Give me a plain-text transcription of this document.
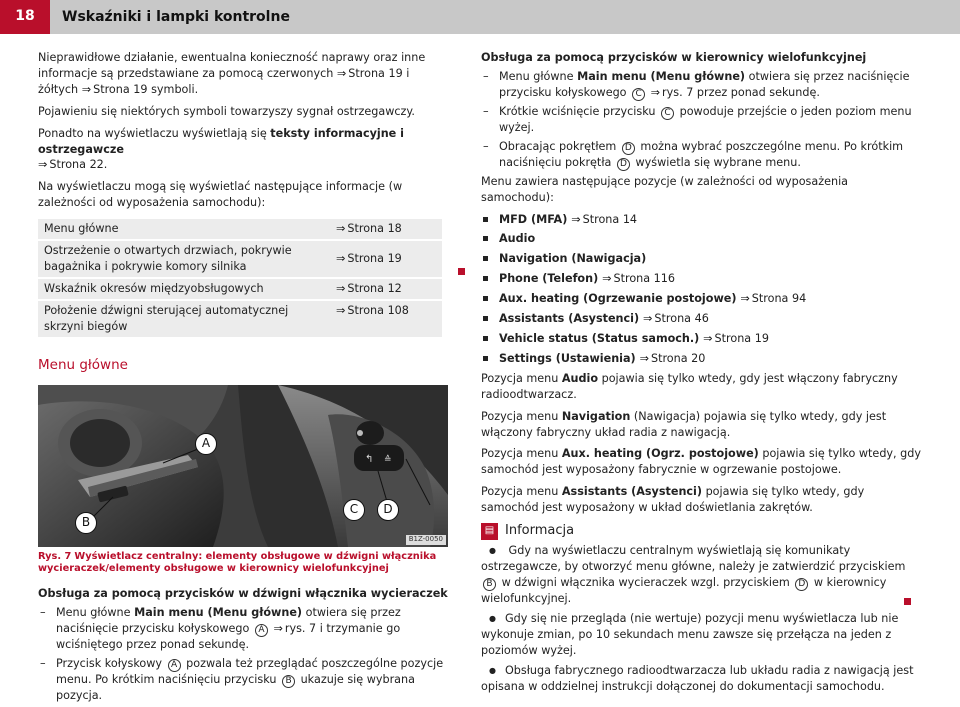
18	Wskaźniki i lampki kontrolne

Nieprawidłowe działanie, ewentualna konieczność naprawy oraz inne informacje są przedstawiane za pomocą czerwonych ⇒ Strona 19 i żółtych ⇒ Strona 19 symboli.

Pojawieniu się niektórych symboli towarzyszy sygnał ostrzegawczy.

Ponadto na wyświetlaczu wyświetlają się teksty informacyjne i ostrzegawcze
⇒ Strona 22.

Na wyświetlaczu mogą się wyświetlać następujące informacje (w zależności od wyposażenia samochodu):

Menu główne	⇒ Strona 18
Ostrzeżenie o otwartych drzwiach, pokrywie bagażnika i pokrywie komory silnika	⇒ Strona 19
Wskaźnik okresów międzyobsługowych	⇒ Strona 12
Położenie dźwigni sterującej automatycznej skrzyni biegów	⇒ Strona 108
Menu główne
↰ ≙
A
B
C	D
B1Z-0050

Rys. 7 Wyświetlacz centralny: elementy obsługowe w dźwigni włącznika wycieraczek/elementy obsługowe w kierownicy wielofunkcyjnej

Obsługa za pomocą przycisków w dźwigni włącznika wycieraczek

– Menu główne Main menu (Menu główne) otwiera się przez naciśnięcie przycisku kołyskowego A ⇒ rys. 7 i trzymanie go wciśniętego przez ponad sekundę.
– Przycisk kołyskowy A pozwala też przeglądać poszczególne pozycje menu. Po krótkim naciśnięciu przycisku B ukazuje się wybrana pozycja.

Obsługa za pomocą przycisków w kierownicy wielofunkcyjnej

– Menu główne Main menu (Menu główne) otwiera się przez naciśnięcie przycisku kołyskowego C ⇒ rys. 7 przez ponad sekundę.
– Krótkie wciśnięcie przycisku C powoduje przejście o jeden poziom menu wyżej.
– Obracając pokrętłem D można wybrać poszczególne menu. Po krótkim naciśnięciu pokrętła D wyświetla się wybrane menu.

Menu zawiera następujące pozycje (w zależności od wyposażenia samochodu):

MFD (MFA) ⇒ Strona 14
Audio
Navigation (Nawigacja)
Phone (Telefon) ⇒ Strona 116
Aux. heating (Ogrzewanie postojowe) ⇒ Strona 94
Assistants (Asystenci) ⇒ Strona 46
Vehicle status (Status samoch.) ⇒ Strona 19
Settings (Ustawienia) ⇒ Strona 20

Pozycja menu Audio pojawia się tylko wtedy, gdy jest włączony fabryczny radioodtwarzacz.

Pozycja menu Navigation (Nawigacja) pojawia się tylko wtedy, gdy jest włączony fabryczny układ radia z nawigacją.

Pozycja menu Aux. heating (Ogrz. postojowe) pojawia się tylko wtedy, gdy samochód jest wyposażony fabrycznie w ogrzewanie postojowe.

Pozycja menu Assistants (Asystenci) pojawia się tylko wtedy, gdy samochód jest wyposażony w układ doświetlania zakrętów.

▤ Informacja
● Gdy na wyświetlaczu centralnym wyświetlają się komunikaty ostrzegawcze, by otworzyć menu główne, należy je zatwierdzić przyciskiem B w dźwigni włącznika wycieraczek wzgl. przyciskiem D w kierownicy wielofunkcyjnej.
● Gdy się nie przegląda (nie wertuje) pozycji menu wyświetlacza lub nie wykonuje zmian, po 10 sekundach menu zawsze się przełącza na jeden z poziomów wyżej.
● Obsługa fabrycznego radioodtwarzacza lub układu radia z nawigacją jest opisana w oddzielnej instrukcji dołączonej do dokumentacji samochodu.
